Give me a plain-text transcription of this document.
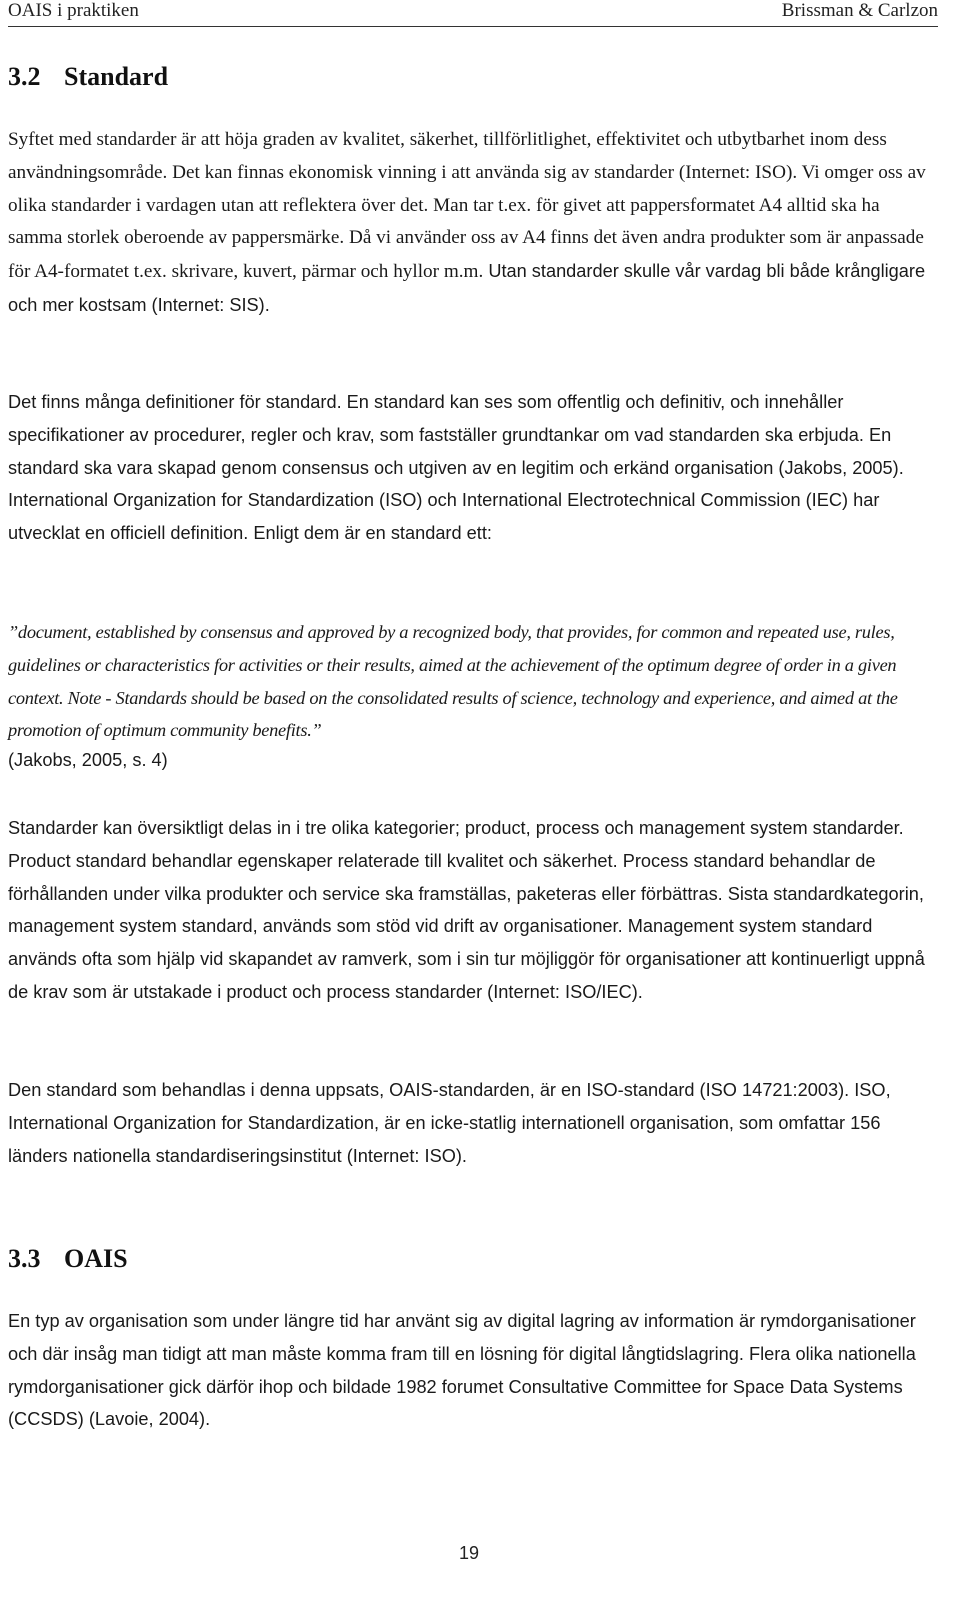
OAIS i praktiken	Brissman & Carlzon
3.2 Standard

Syftet med standarder är att höja graden av kvalitet, säkerhet, tillförlitlighet, effektivitet och utbytbarhet inom dess användningsområde. Det kan finnas ekonomisk vinning i att använda sig av standarder (Internet: ISO). Vi omger oss av olika standarder i vardagen utan att reflektera över det. Man tar t.ex. för givet att pappersformatet A4 alltid ska ha samma storlek oberoende av pappersmärke. Då vi använder oss av A4 finns det även andra produkter som är anpassade för A4-formatet t.ex. skrivare, kuvert, pärmar och hyllor m.m. Utan standarder skulle vår vardag bli både krångligare och mer kostsam (Internet: SIS).

Det finns många definitioner för standard. En standard kan ses som offentlig och definitiv, och innehåller specifikationer av procedurer, regler och krav, som fastställer grundtankar om vad standarden ska erbjuda. En standard ska vara skapad genom consensus och utgiven av en legitim och erkänd organisation (Jakobs, 2005). International Organization for Standardization (ISO) och International Electrotechnical Commission (IEC) har utvecklat en officiell definition. Enligt dem är en standard ett:

”document, established by consensus and approved by a recognized body, that provides, for common and repeated use, rules, guidelines or characteristics for activities or their results, aimed at the achievement of the optimum degree of order in a given context. Note - Standards should be based on the consolidated results of science, technology and experience, and aimed at the promotion of optimum community benefits.”

(Jakobs, 2005, s. 4)

Standarder kan översiktligt delas in i tre olika kategorier; product, process och management system standarder. Product standard behandlar egenskaper relaterade till kvalitet och säkerhet. Process standard behandlar de förhållanden under vilka produkter och service ska framställas, paketeras eller förbättras. Sista standardkategorin, management system standard, används som stöd vid drift av organisationer. Management system standard används ofta som hjälp vid skapandet av ramverk, som i sin tur möjliggör för organisationer att kontinuerligt uppnå de krav som är utstakade i product och process standarder (Internet: ISO/IEC).

Den standard som behandlas i denna uppsats, OAIS-standarden, är en ISO-standard (ISO 14721:2003). ISO, International Organization for Standardization, är en icke-statlig internationell organisation, som omfattar 156 länders nationella standardiseringsinstitut (Internet: ISO).

3.3 OAIS

En typ av organisation som under längre tid har använt sig av digital lagring av information är rymdorganisationer och där insåg man tidigt att man måste komma fram till en lösning för digital långtidslagring. Flera olika nationella rymdorganisationer gick därför ihop och bildade 1982 forumet Consultative Committee for Space Data Systems (CCSDS) (Lavoie, 2004).

19
